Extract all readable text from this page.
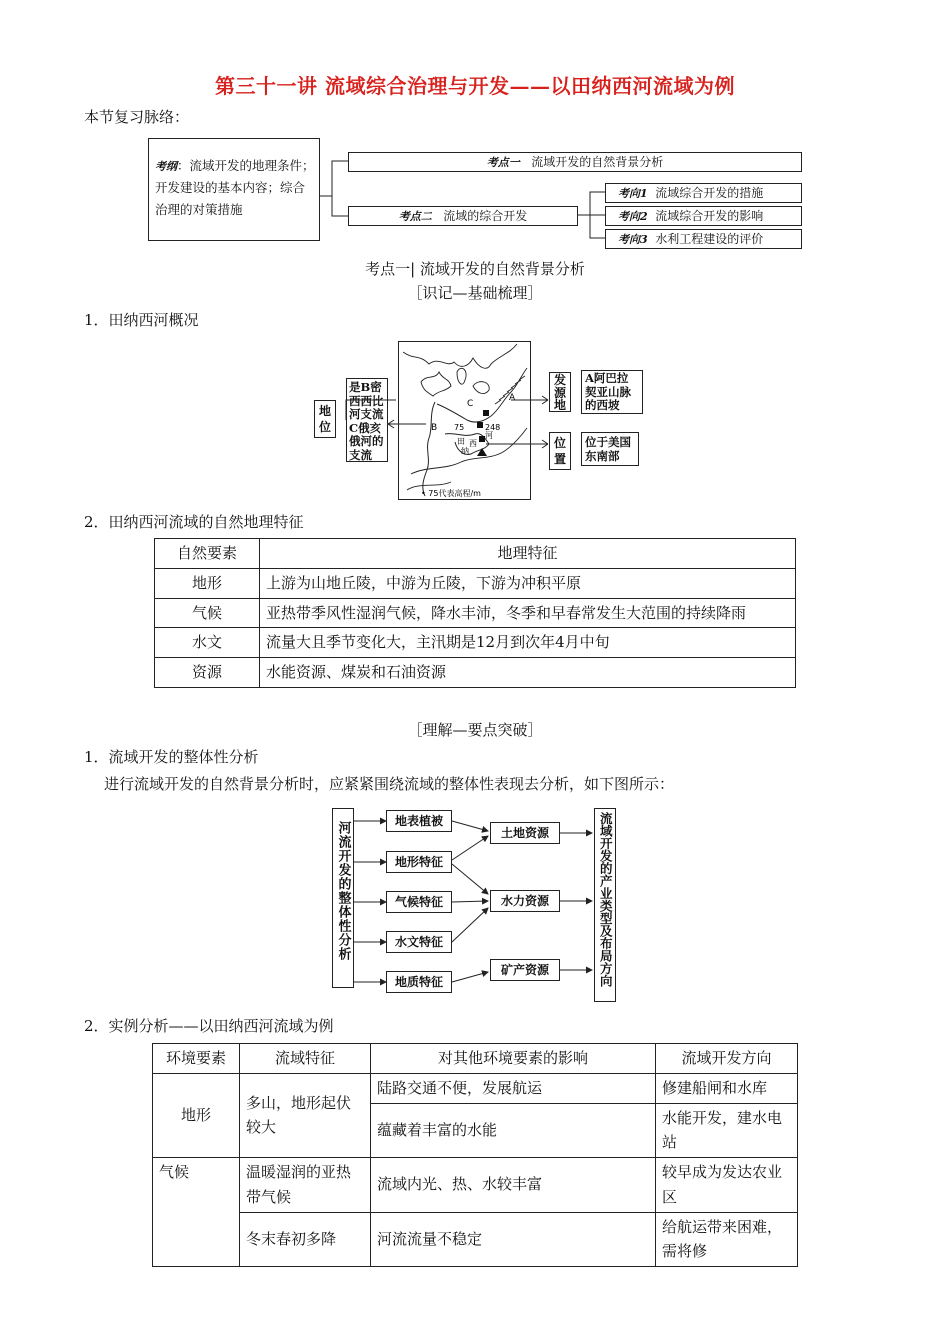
第三十一讲 流域综合治理与开发——以田纳西河流域为例
本节复习脉络：
考纲：流域开发的地理条件；开发建设的基本内容；综合治理的对策措施
考点一 流域开发的自然背景分析
考点二 流域的综合开发
考向1 流域综合开发的措施
考向2 流域综合开发的影响
考向3 水利工程建设的评价
考点一| 流域开发的自然背景分析
［识记—基础梳理］
1．田纳西河概况
地位
是B密西西比河支流C俄亥俄河的支流
C
A
B 75	248
田
纳
西
河
• 75代表高程/m
发源地
A阿巴拉契亚山脉的西坡
位置
位于美国东南部
2．田纳西河流域的自然地理特征
自然要素	地理特征
地形	上游为山地丘陵，中游为丘陵，下游为冲积平原
气候	亚热带季风性湿润气候，降水丰沛，冬季和早春常发生大范围的持续降雨
水文	流量大且季节变化大，主汛期是12月到次年4月中旬
资源	水能资源、煤炭和石油资源
［理解—要点突破］
1．流域开发的整体性分析
进行流域开发的自然背景分析时，应紧紧围绕流域的整体性表现去分析，如下图所示：
河流开发的整体性分析	地表植被
地形特征
气候特征
水文特征
地质特征
土地资源
水力资源
矿产资源	流域开发的产业类型及布局方向
2．实例分析——以田纳西河流域为例
环境要素	流域特征	对其他环境要素的影响	流域开发方向
地形	多山，地形起伏较大	陆路交通不便，发展航运	修建船闸和水库
		蕴藏着丰富的水能	水能开发，建水电站
气候	温暖湿润的亚热带气候	流域内光、热、水较丰富	较早成为发达农业区
	冬末春初多降	河流流量不稳定	给航运带来困难，需将修
